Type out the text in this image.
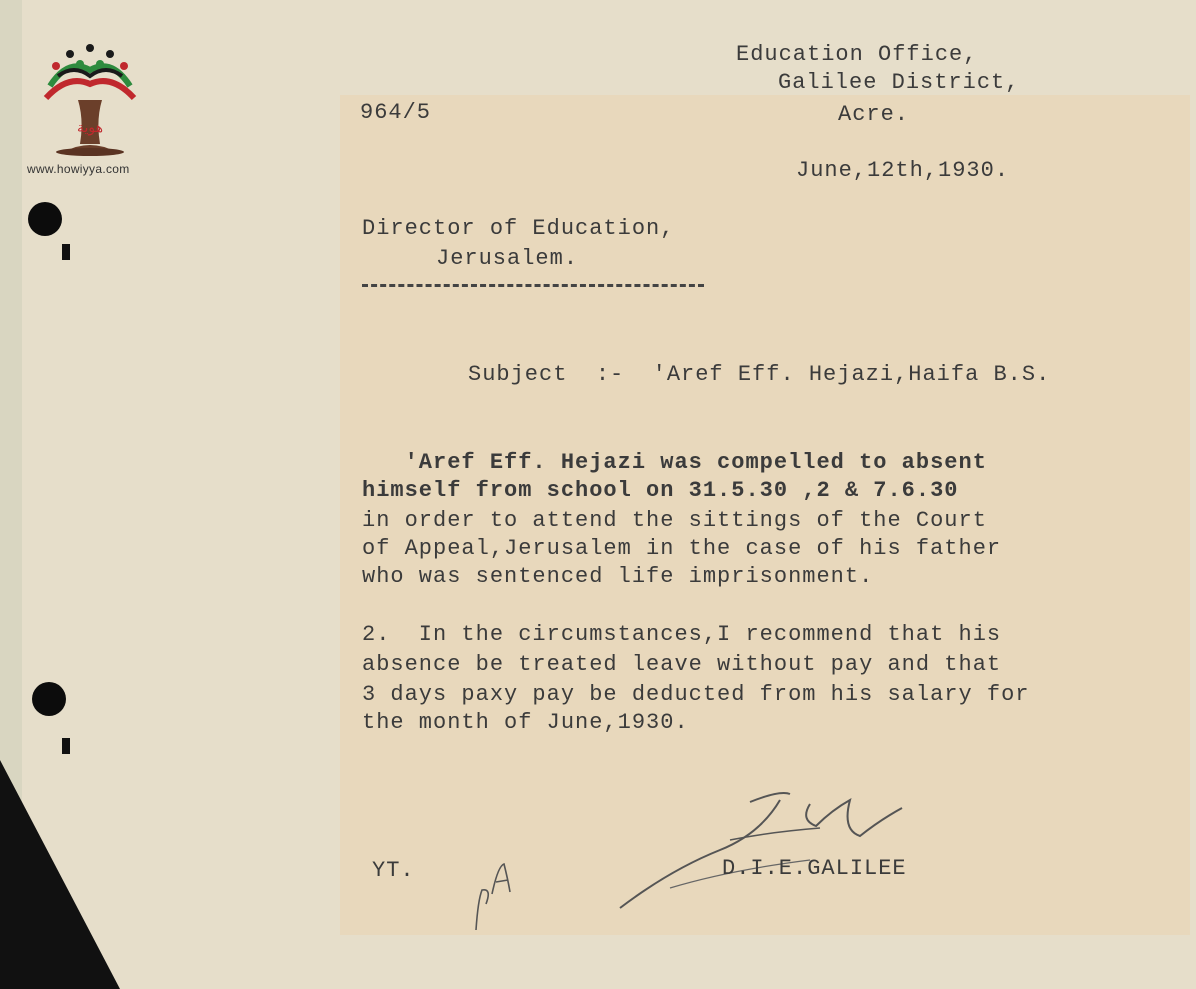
هوية
www.howiyya.com
964/5
Education Office,
Galilee District,
Acre.
June,12th,1930.
Director of Education,
Jerusalem.
Subject  :-  'Aref Eff. Hejazi,Haifa B.S.
'Aref Eff. Hejazi was compelled to absent
himself from school on 31.5.30 ,2 & 7.6.30
in order to attend the sittings of the Court
of Appeal,Jerusalem in the case of his father
who was sentenced life imprisonment.
2.  In the circumstances,I recommend that his
absence be treated leave without pay and that
3 days paxy pay be deducted from his salary for
the month of June,1930.
YT.	D.I.E.GALILEE
